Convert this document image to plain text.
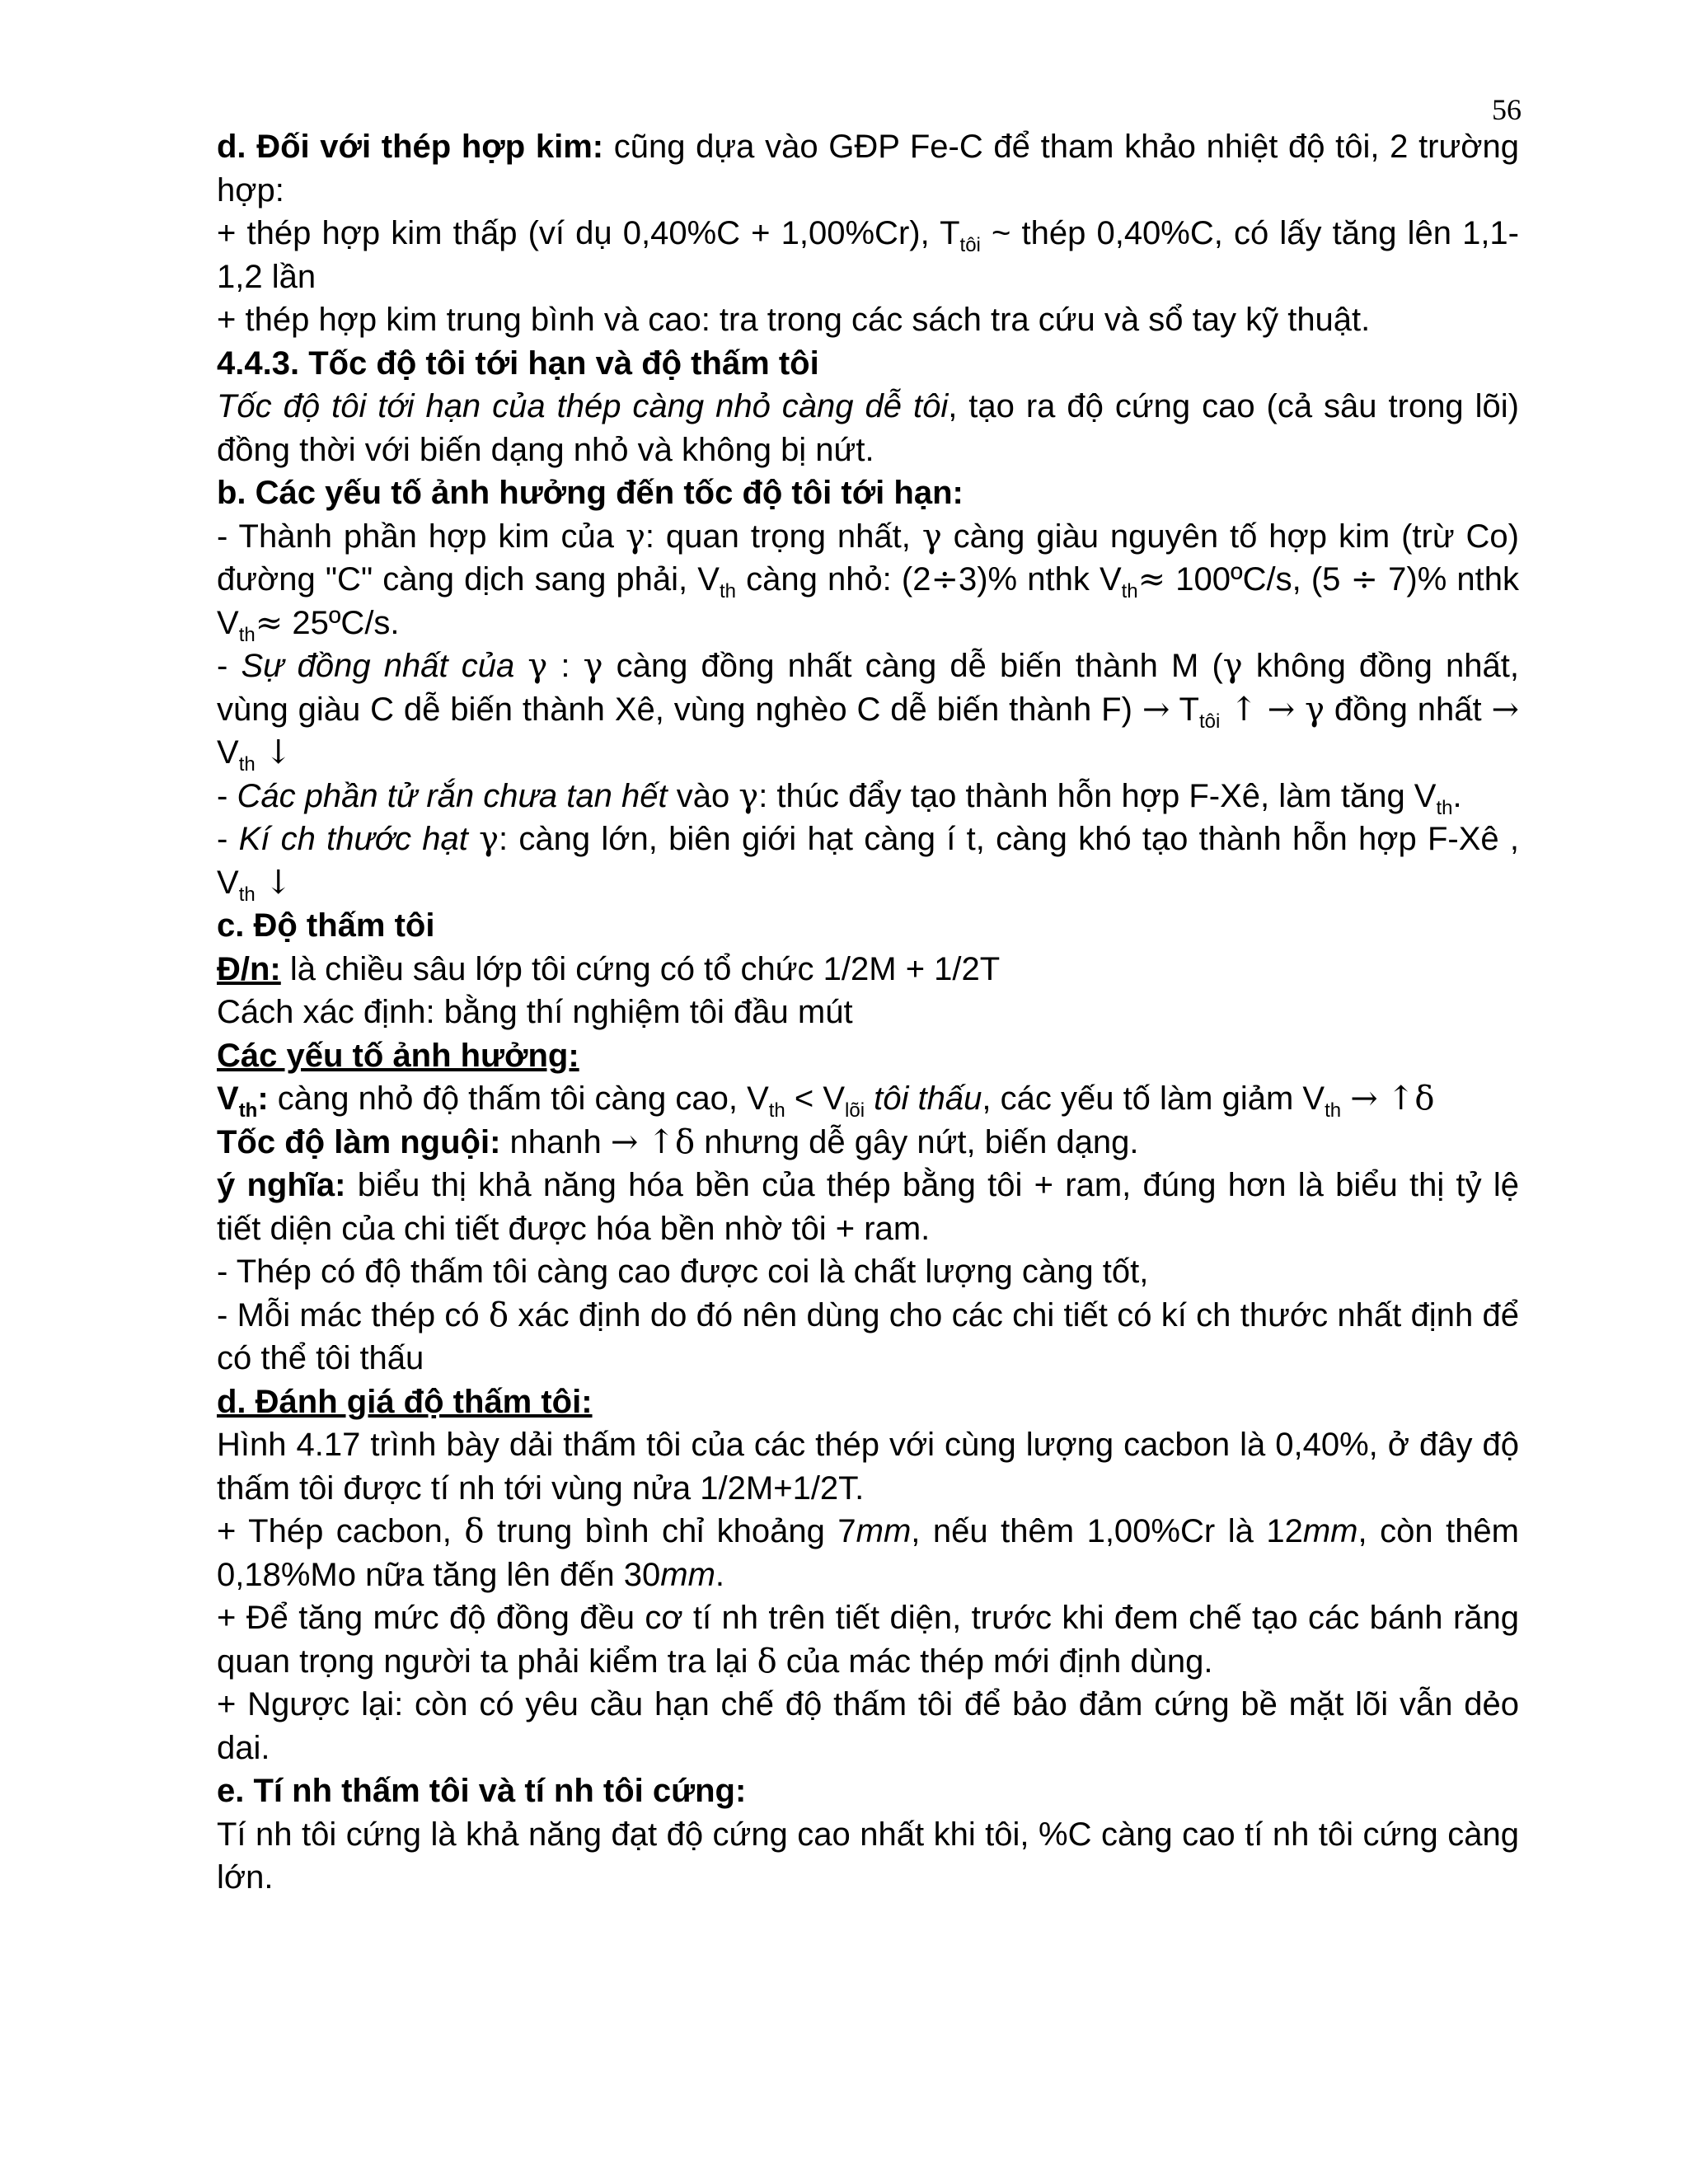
56

d. Đối với thép hợp kim: cũng dựa vào GĐP Fe-C để tham khảo nhiệt độ tôi, 2 trường hợp:

+ thép hợp kim thấp (ví dụ 0,40%C + 1,00%Cr), $T_{tôi}$ ~ thép 0,40%C, có lấy tăng lên 1,1-1,2 lần

+ thép hợp kim trung bình và cao: tra trong các sách tra cứu và sổ tay kỹ thuật.

4.4.3. Tốc độ tôi tới hạn và độ thấm tôi

Tốc độ tôi tới hạn của thép càng nhỏ càng dễ tôi, tạo ra độ cứng cao (cả sâu trong lõi) đồng thời với biến dạng nhỏ và không bị nứt.

b. Các yếu tố ảnh hưởng đến tốc độ tôi tới hạn:

- Thành phần hợp kim của γ: quan trọng nhất, γ càng giàu nguyên tố hợp kim (trừ Co) đường "C" càng dịch sang phải, $V_{th}$ càng nhỏ: (2÷3)% nthk $V_{th}\approx$ 100ºC/s, (5 ÷ 7)% nthk $V_{th}\approx$ 25ºC/s.

- Sự đồng nhất của γ : γ càng đồng nhất càng dễ biến thành M (γ không đồng nhất, vùng giàu C dễ biến thành Xê, vùng nghèo C dễ biến thành $F) \to T_{tôi}$ ↑ → γ đồng nhất → $V_{th}$ ↓

- Các phần tử rắn chưa tan hết vào γ: thúc đẩy tạo thành hỗn hợp F-Xê, làm tăng $V_{th}$.

- Kí ch thước hạt γ: càng lớn, biên giới hạt càng í t, càng khó tạo thành hỗn hợp F-Xê , $V_{th}$ ↓

c. Độ thấm tôi

Đ/n: là chiều sâu lớp tôi cứng có tổ chức 1/2M + 1/2T

Cách xác định: bằng thí nghiệm tôi đầu mút

Các yếu tố ảnh hưởng:

$V_{th}$: càng nhỏ độ thấm tôi càng cao, $V_{th} < V_{lõi}$ tôi thấu, các yếu tố làm giảm $V_{th}$ → ↑δ

Tốc độ làm nguội: nhanh → ↑δ nhưng dễ gây nứt, biến dạng.

ý nghĩa: biểu thị khả năng hóa bền của thép bằng tôi + ram, đúng hơn là biểu thị tỷ lệ tiết diện của chi tiết được hóa bền nhờ tôi + ram.

- Thép có độ thấm tôi càng cao được coi là chất lượng càng tốt,

- Mỗi mác thép có δ xác định do đó nên dùng cho các chi tiết có kí ch thước nhất định để có thể tôi thấu

d. Đánh giá độ thấm tôi:

Hình 4.17 trình bày dải thấm tôi của các thép với cùng lượng cacbon là 0,40%, ở đây độ thấm tôi được tí nh tới vùng nửa 1/2M+1/2T.

+ Thép cacbon, δ trung bình chỉ khoảng 7mm, nếu thêm 1,00%Cr là 12mm, còn thêm 0,18%Mo nữa tăng lên đến 30mm.

+ Để tăng mức độ đồng đều cơ tí nh trên tiết diện, trước khi đem chế tạo các bánh răng quan trọng người ta phải kiểm tra lại δ của mác thép mới định dùng.

+ Ngược lại: còn có yêu cầu hạn chế độ thấm tôi để bảo đảm cứng bề mặt lõi vẫn dẻo dai.

e. Tí nh thấm tôi và tí nh tôi cứng:

Tí nh tôi cứng là khả năng đạt độ cứng cao nhất khi tôi, %C càng cao tí nh tôi cứng càng lớn.
